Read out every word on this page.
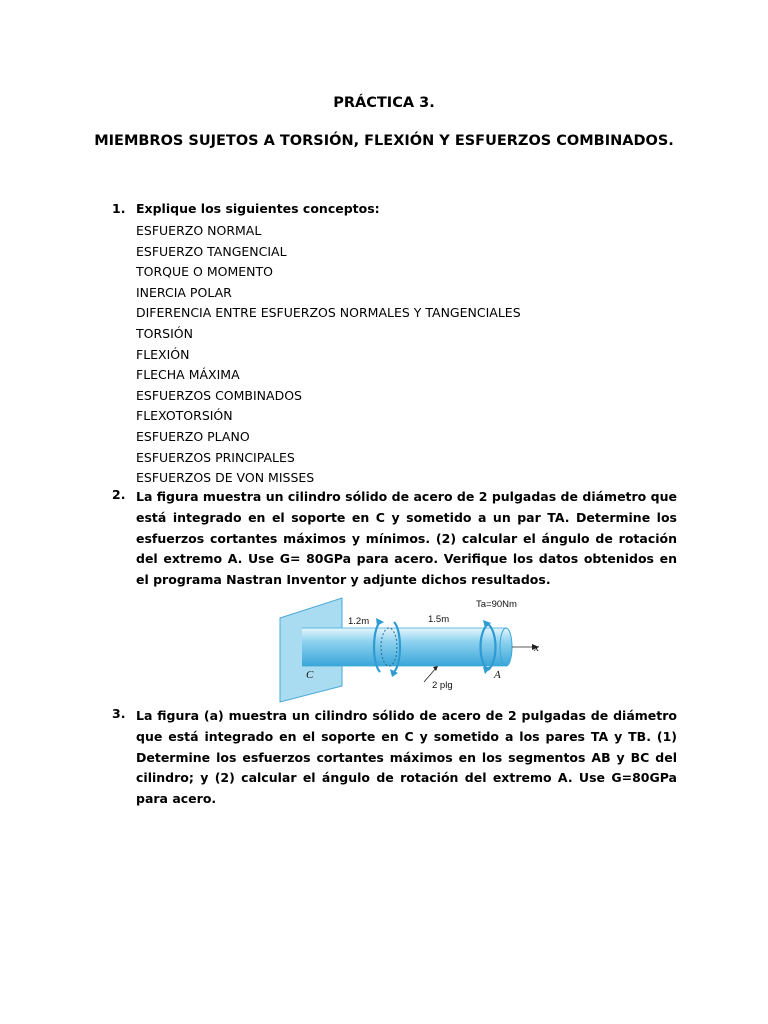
PRÁCTICA 3.
MIEMBROS SUJETOS A TORSIÓN, FLEXIÓN Y ESFUERZOS COMBINADOS.
1. Explique los siguientes conceptos:
ESFUERZO NORMAL
ESFUERZO TANGENCIAL
TORQUE O MOMENTO
INERCIA POLAR
DIFERENCIA ENTRE ESFUERZOS NORMALES Y TANGENCIALES
TORSIÓN
FLEXIÓN
FLECHA MÁXIMA
ESFUERZOS COMBINADOS
FLEXOTORSIÓN
ESFUERZO PLANO
ESFUERZOS PRINCIPALES
ESFUERZOS DE VON MISSES
2. La figura muestra un cilindro sólido de acero de 2 pulgadas de diámetro que está integrado en el soporte en C y sometido a un par TA. Determine los esfuerzos cortantes máximos y mínimos. (2) calcular el ángulo de rotación del extremo A. Use G= 80GPa para acero. Verifique los datos obtenidos en el programa Nastran Inventor y adjunte dichos resultados.
1.2m	1.5m
Ta=90Nm
x
C	A
2 plg
3. La figura (a) muestra un cilindro sólido de acero de 2 pulgadas de diámetro que está integrado en el soporte en C y sometido a los pares TA y TB. (1) Determine los esfuerzos cortantes máximos en los segmentos AB y BC del cilindro; y (2) calcular el ángulo de rotación del extremo A. Use G=80GPa para acero.
